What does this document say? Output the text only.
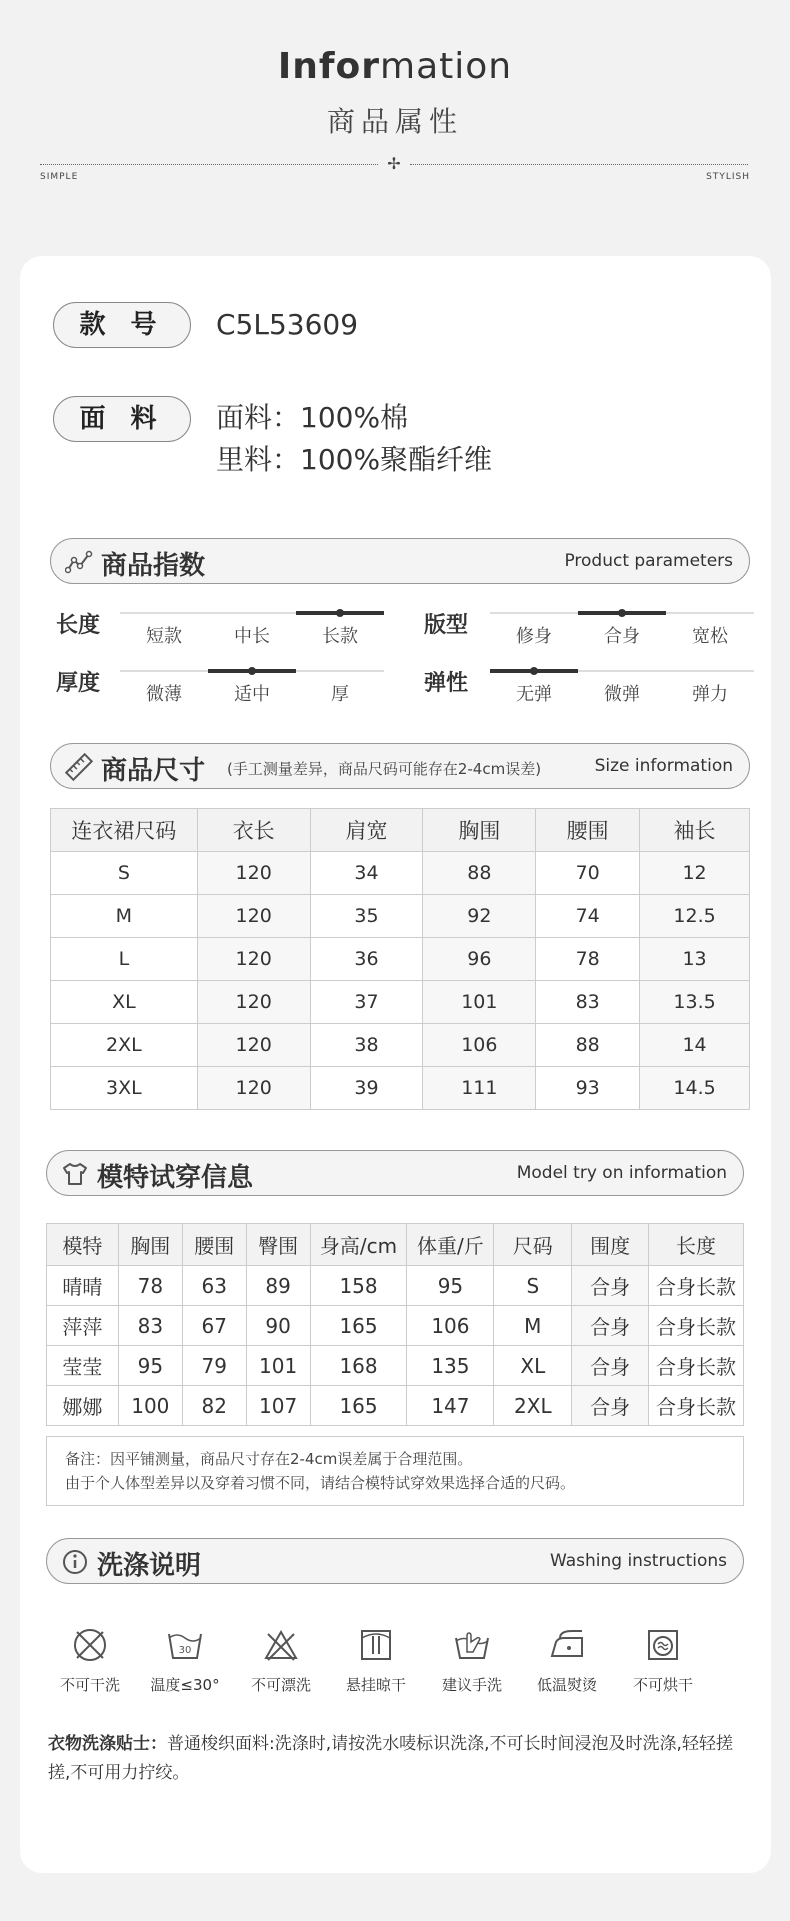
Information
商品属性
✢
SIMPLE	STYLISH
款 号	C5L53609
面 料	面料：100%棉
里料：100%聚酯纤维
商品指数	Product parameters
长度	短款	中长	长款	版型	修身	合身	宽松
厚度	微薄	适中	厚	弹性	无弹	微弹	弹力
商品尺寸 (手工测量差异，商品尺码可能存在2-4cm误差)	Size information
连衣裙尺码	衣长	肩宽	胸围	腰围	袖长
S	120	34	88	70	12
M	120	35	92	74	12.5
L	120	36	96	78	13
XL	120	37	101	83	13.5
2XL	120	38	106	88	14
3XL	120	39	111	93	14.5
模特试穿信息	Model try on information
模特	胸围	腰围	臀围	身高/cm	体重/斤	尺码	围度	长度
晴晴	78	63	89	158	95	S	合身	合身长款
萍萍	83	67	90	165	106	M	合身	合身长款
莹莹	95	79	101	168	135	XL	合身	合身长款
娜娜	100	82	107	165	147	2XL	合身	合身长款
备注：因平铺测量，商品尺寸存在2-4cm误差属于合理范围。
由于个人体型差异以及穿着习惯不同，请结合模特试穿效果选择合适的尺码。
洗涤说明	Washing instructions
不可干洗
30
温度≤30°	不可漂洗	悬挂晾干	建议手洗	低温熨烫	不可烘干
衣物洗涤贴士：普通梭织面料:洗涤时,请按洗水唛标识洗涤,不可长时间浸泡及时洗涤,轻轻搓搓,不可用力拧绞。
